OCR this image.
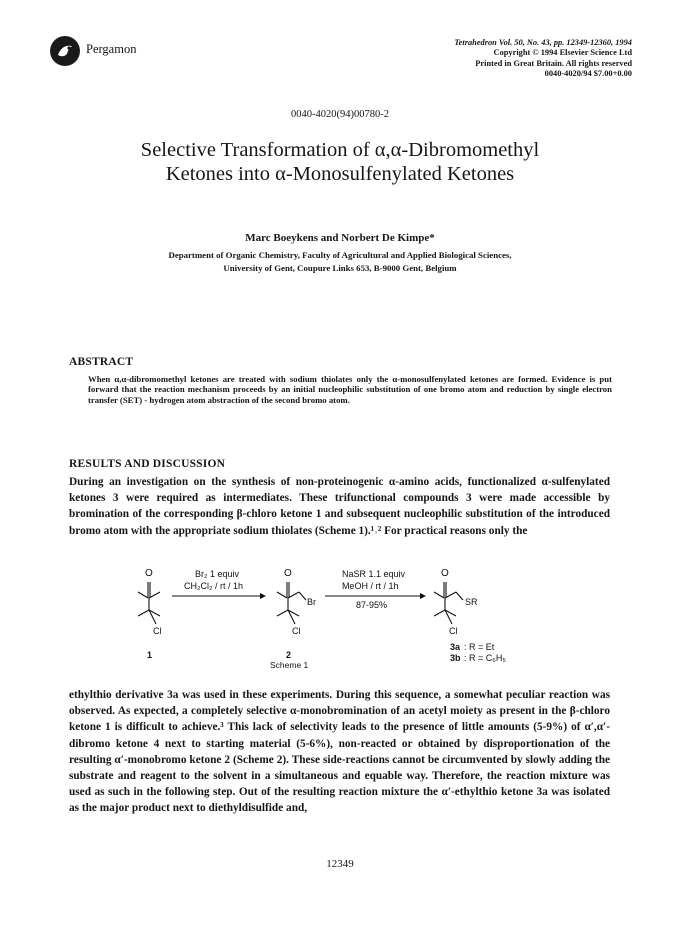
Pergamon	Tetrahedron Vol. 50, No. 43, pp. 12349-12360, 1994
Copyright © 1994 Elsevier Science Ltd
Printed in Great Britain. All rights reserved
0040-4020/94 $7.00+0.00
0040-4020(94)00780-2
Selective Transformation of α,α-Dibromomethyl
Ketones into α-Monosulfenylated Ketones
Marc Boeykens and Norbert De Kimpe*
Department of Organic Chemistry, Faculty of Agricultural and Applied Biological Sciences,
University of Gent, Coupure Links 653, B-9000 Gent, Belgium
ABSTRACT
When α,α-dibromomethyl ketones are treated with sodium thiolates only the α-monosulfenylated ketones are formed. Evidence is put forward that the reaction mechanism proceeds by an initial nucleophilic substitution of one bromo atom and reduction by single electron transfer (SET) - hydrogen atom abstraction of the second bromo atom.
RESULTS AND DISCUSSION
During an investigation on the synthesis of non-proteinogenic α-amino acids, functionalized α-sulfenylated ketones 3 were required as intermediates. These trifunctional compounds 3 were made accessible by bromination of the corresponding β-chloro ketone 1 and subsequent nucleophilic substitution of the introduced bromo atom with the appropriate sodium thiolates (Scheme 1).¹˒² For practical reasons only the
O
Cl
1
Br₂ 1 equiv
CH₂Cl₂ / rt / 1h
O
Br
Cl
2
NaSR 1.1 equiv
MeOH / rt / 1h
87-95%
O
SR
Cl
3a : R = Et
3b : R = C₆H₅
Scheme 1
ethylthio derivative 3a was used in these experiments. During this sequence, a somewhat peculiar reaction was observed. As expected, a completely selective α-monobromination of an acetyl moiety as present in the β-chloro ketone 1 is difficult to achieve.³ This lack of selectivity leads to the presence of little amounts (5-9%) of α′,α′-dibromo ketone 4 next to starting material (5-6%), non-reacted or obtained by disproportionation of the resulting α′-monobromo ketone 2 (Scheme 2). These side-reactions cannot be circumvented by slowly adding the substrate and reagent to the solvent in a simultaneous and equable way. Therefore, the reaction mixture was used as such in the following step. Out of the resulting reaction mixture the α′-ethylthio ketone 3a was isolated as the major product next to diethyldisulfide and,
12349
